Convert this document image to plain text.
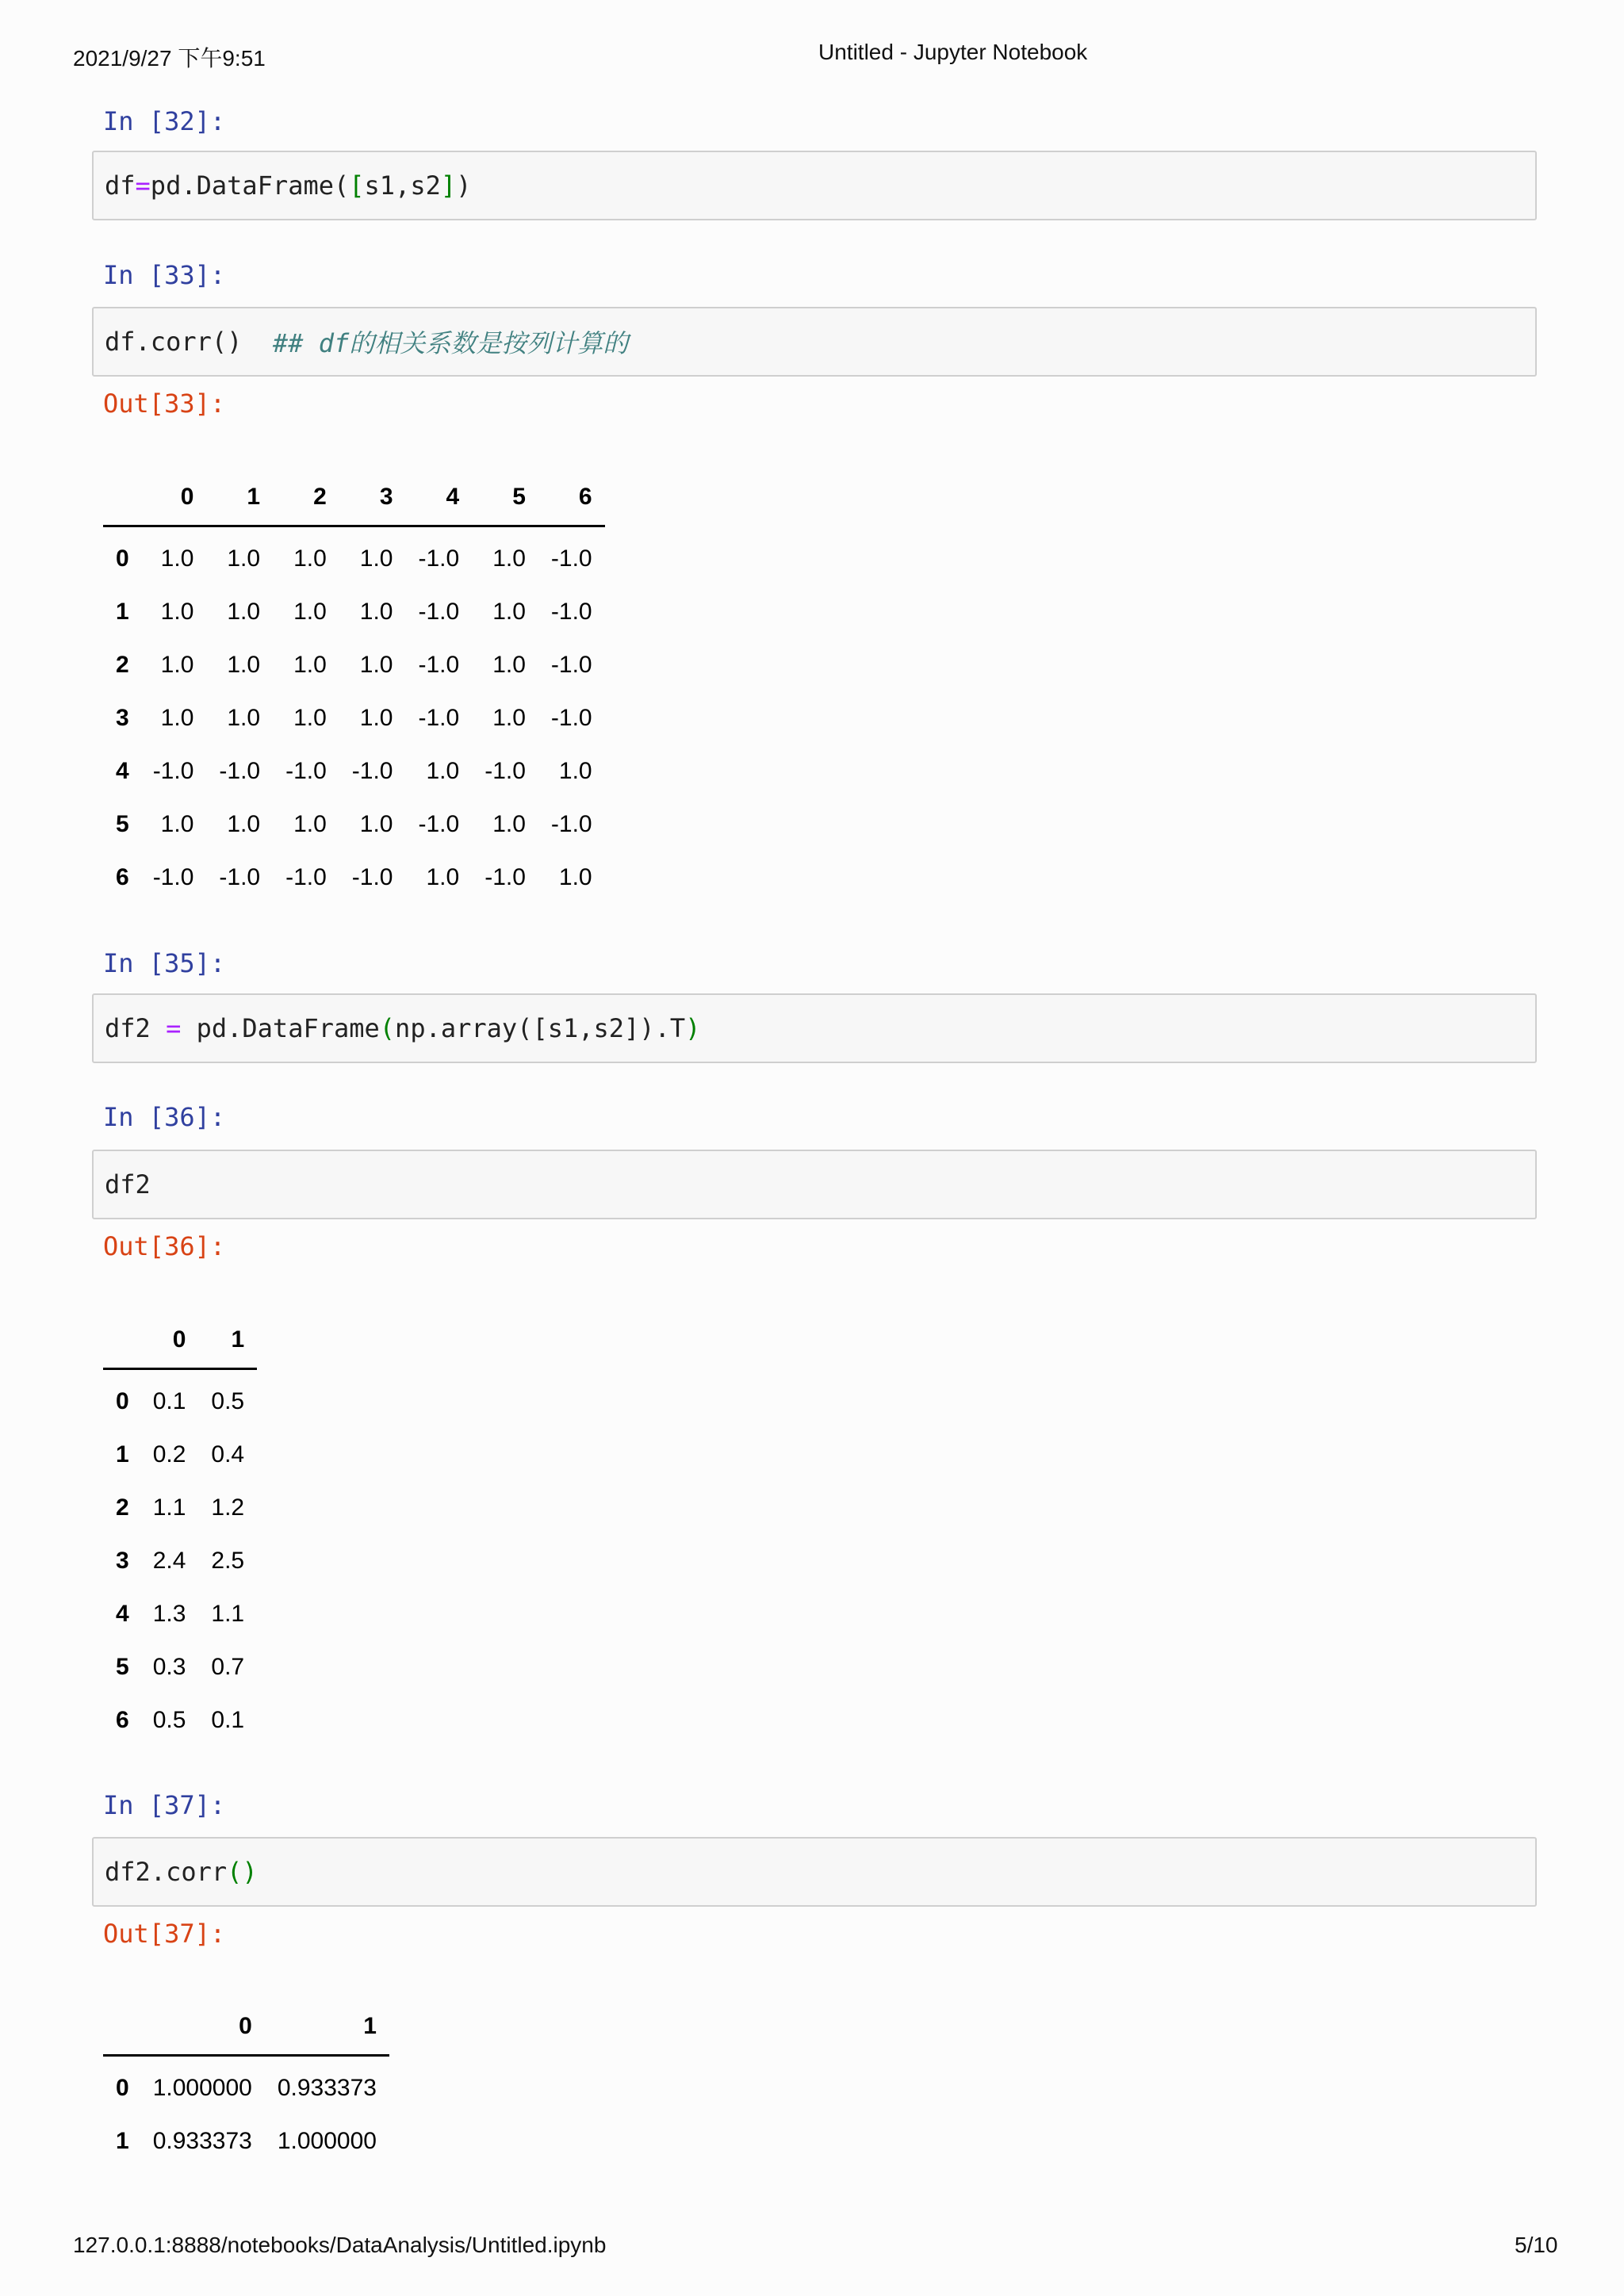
2021/9/27 下午9:51	Untitled - Jupyter Notebook
In [32]:
df = pd.DataFrame( [ s1,s2 ] )
In [33]:
df.corr() ## df的相关系数是按列计算的
Out[33]:
	0	1	2	3	4	5	6
0	1.0	1.0	1.0	1.0	-1.0	1.0	-1.0
1	1.0	1.0	1.0	1.0	-1.0	1.0	-1.0
2	1.0	1.0	1.0	1.0	-1.0	1.0	-1.0
3	1.0	1.0	1.0	1.0	-1.0	1.0	-1.0
4	-1.0	-1.0	-1.0	-1.0	1.0	-1.0	1.0
5	1.0	1.0	1.0	1.0	-1.0	1.0	-1.0
6	-1.0	-1.0	-1.0	-1.0	1.0	-1.0	1.0
In [35]:
df2 = pd.DataFrame ( np.array([s1,s2]).T )
In [36]:
df2
Out[36]:
	0	1
0	0.1	0.5
1	0.2	0.4
2	1.1	1.2
3	2.4	2.5
4	1.3	1.1
5	0.3	0.7
6	0.5	0.1
In [37]:
df2.corr ()
Out[37]:
	0	1
0	1.000000	0.933373
1	0.933373	1.000000
127.0.0.1:8888/notebooks/DataAnalysis/Untitled.ipynb	5/10
